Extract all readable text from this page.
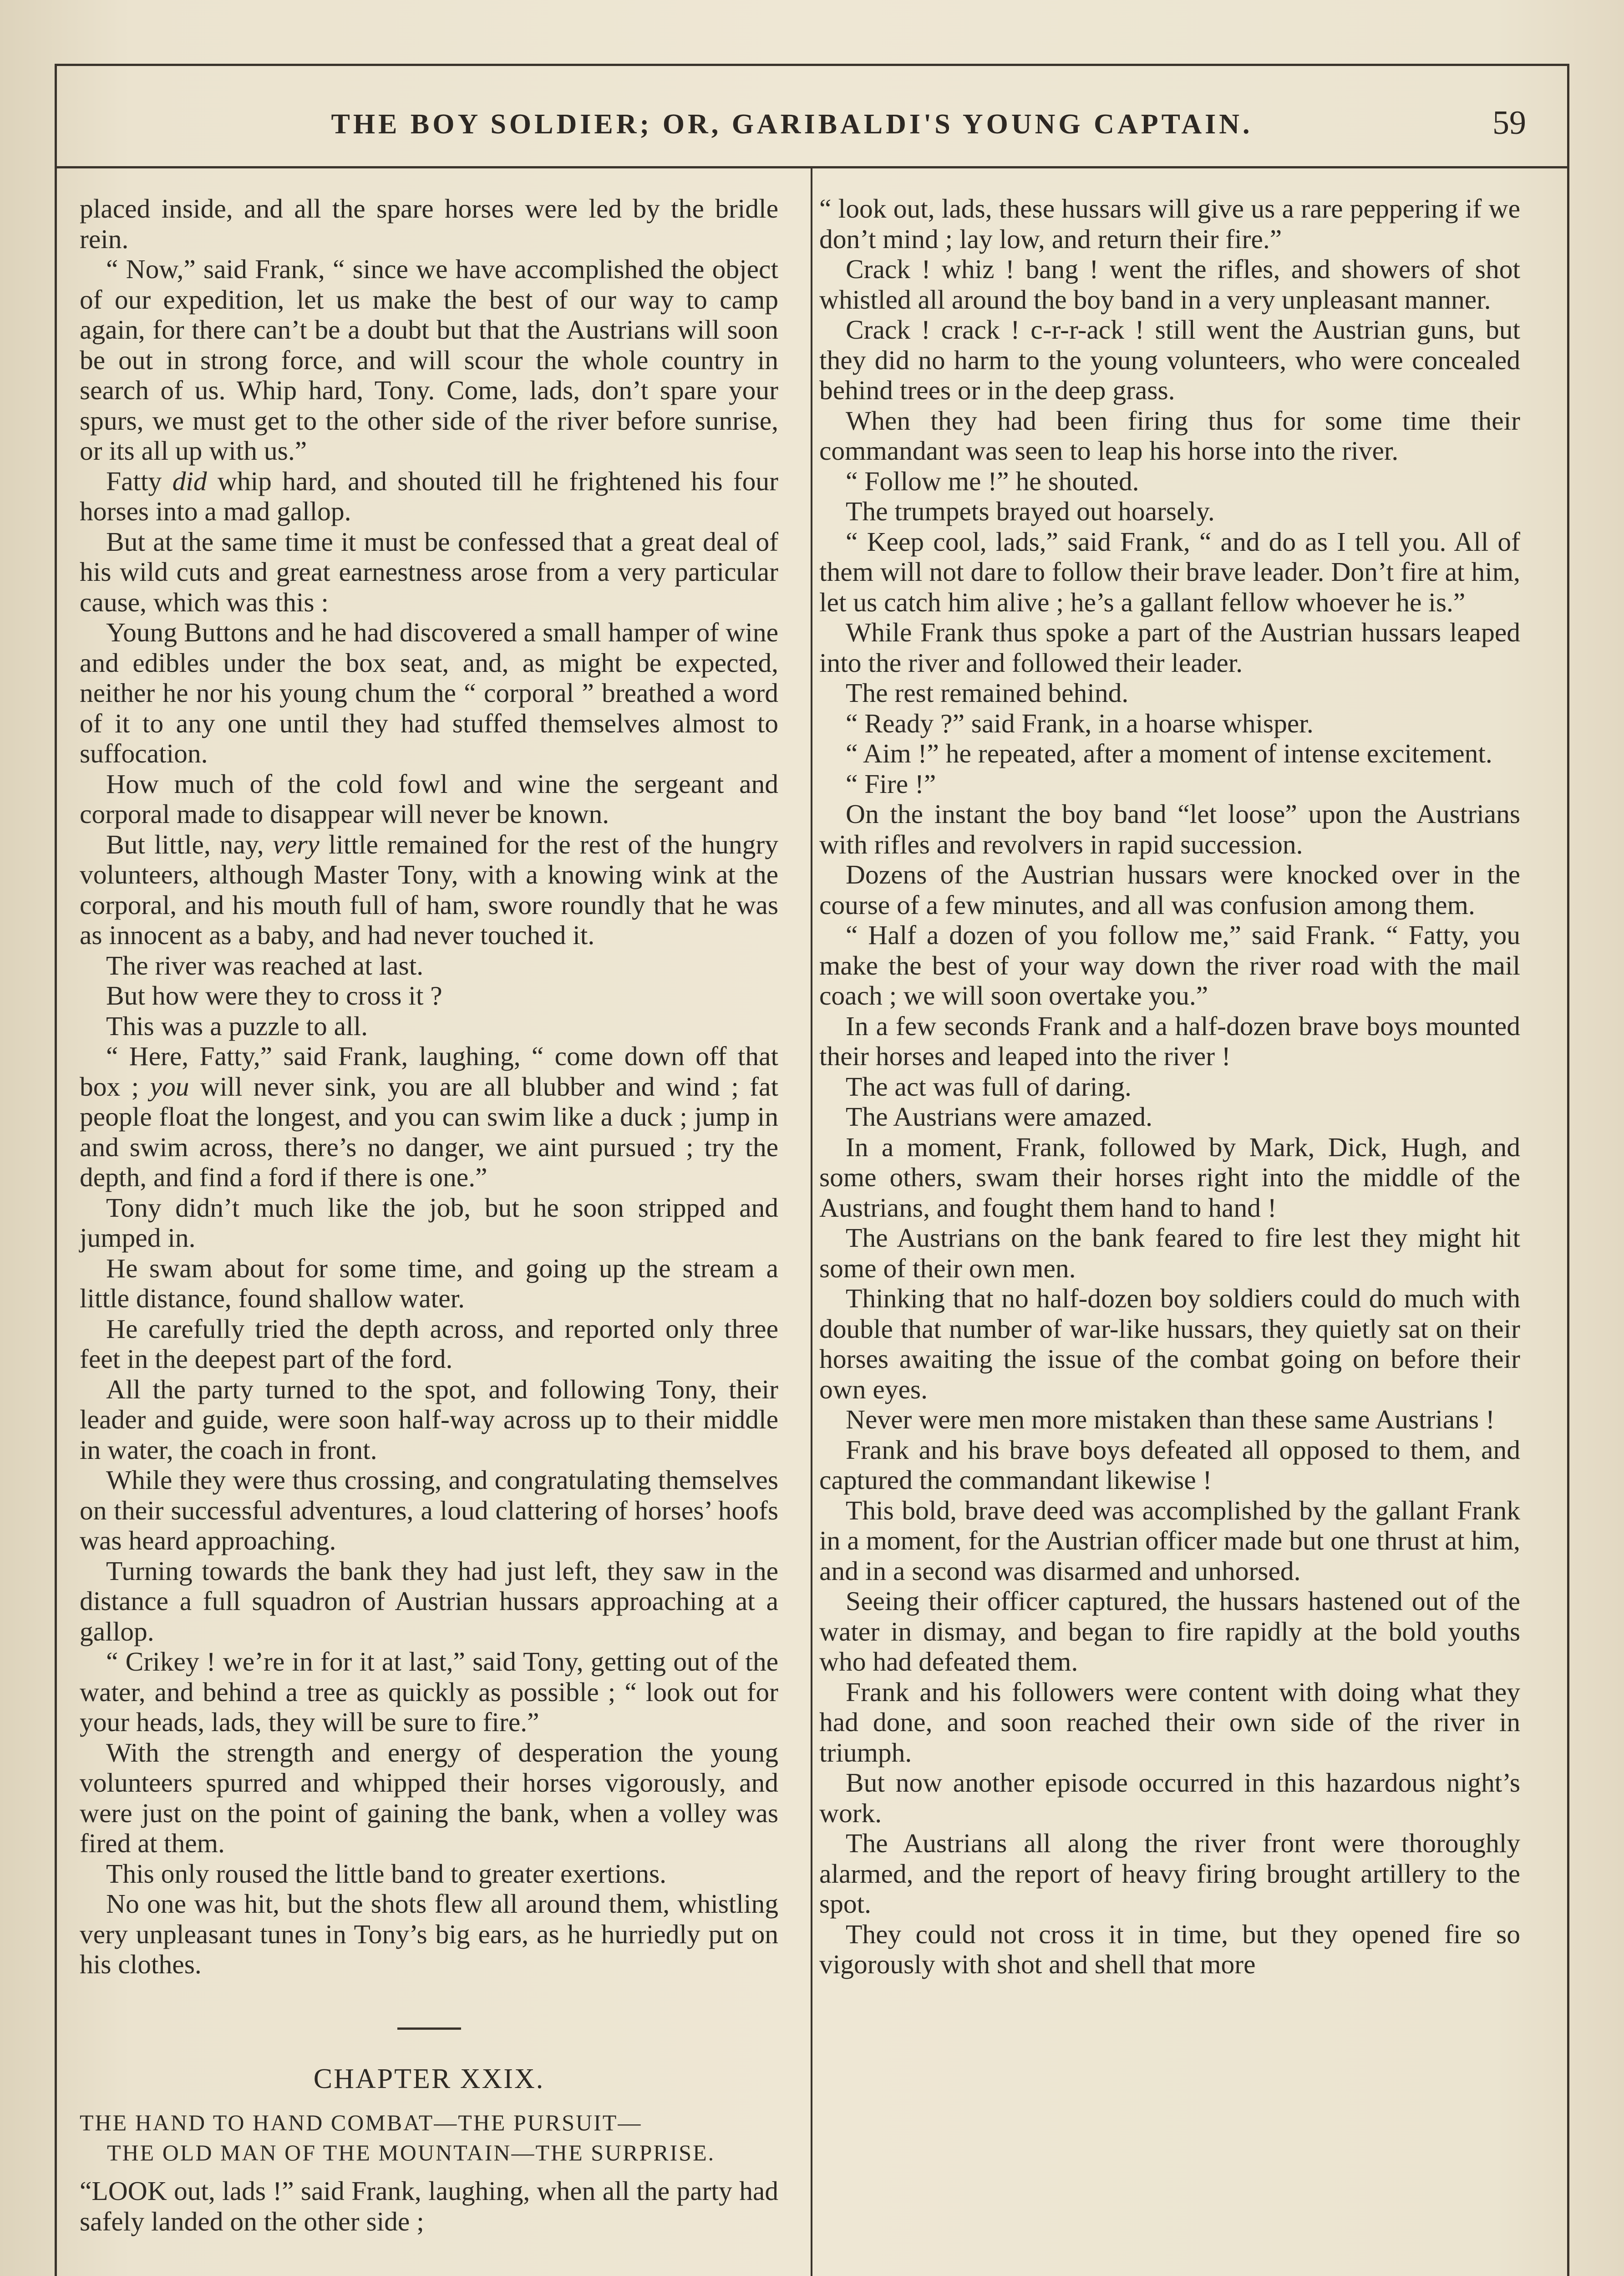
THE BOY SOLDIER; OR, GARIBALDI'S YOUNG CAPTAIN.	59

placed inside, and all the spare horses were led by the bridle rein.

“ Now,” said Frank, “ since we have accomplished the object of our expedition, let us make the best of our way to camp again, for there can’t be a doubt but that the Austrians will soon be out in strong force, and will scour the whole country in search of us. Whip hard, Tony. Come, lads, don’t spare your spurs, we must get to the other side of the river before sunrise, or its all up with us.”

Fatty did whip hard, and shouted till he frightened his four horses into a mad gallop.

But at the same time it must be confessed that a great deal of his wild cuts and great earnestness arose from a very particular cause, which was this :

Young Buttons and he had discovered a small hamper of wine and edibles under the box seat, and, as might be expected, neither he nor his young chum the “ corporal ” breathed a word of it to any one until they had stuffed themselves almost to suffocation.

How much of the cold fowl and wine the sergeant and corporal made to disappear will never be known.

But little, nay, very little remained for the rest of the hungry volunteers, although Master Tony, with a knowing wink at the corporal, and his mouth full of ham, swore roundly that he was as innocent as a baby, and had never touched it.

The river was reached at last.

But how were they to cross it ?

This was a puzzle to all.

“ Here, Fatty,” said Frank, laughing, “ come down off that box ; you will never sink, you are all blubber and wind ; fat people float the longest, and you can swim like a duck ; jump in and swim across, there’s no danger, we aint pursued ; try the depth, and find a ford if there is one.”

Tony didn’t much like the job, but he soon stripped and jumped in.

He swam about for some time, and going up the stream a little distance, found shallow water.

He carefully tried the depth across, and reported only three feet in the deepest part of the ford.

All the party turned to the spot, and following Tony, their leader and guide, were soon half-way across up to their middle in water, the coach in front.

While they were thus crossing, and congratulating themselves on their successful adventures, a loud clattering of horses’ hoofs was heard approaching.

Turning towards the bank they had just left, they saw in the distance a full squadron of Austrian hussars approaching at a gallop.

“ Crikey ! we’re in for it at last,” said Tony, getting out of the water, and behind a tree as quickly as possible ; “ look out for your heads, lads, they will be sure to fire.”

With the strength and energy of desperation the young volunteers spurred and whipped their horses vigorously, and were just on the point of gaining the bank, when a volley was fired at them.

This only roused the little band to greater exertions.

No one was hit, but the shots flew all around them, whistling very unpleasant tunes in Tony’s big ears, as he hurriedly put on his clothes.

CHAPTER XXIX.
THE HAND TO HAND COMBAT—THE PURSUIT—
THE OLD MAN OF THE MOUNTAIN—THE SURPRISE.

“LOOK out, lads !” said Frank, laughing, when all the party had safely landed on the other side ;

“ look out, lads, these hussars will give us a rare peppering if we don’t mind ; lay low, and return their fire.”

Crack ! whiz ! bang ! went the rifles, and showers of shot whistled all around the boy band in a very unpleasant manner.

Crack ! crack ! c-r-r-ack ! still went the Austrian guns, but they did no harm to the young volunteers, who were concealed behind trees or in the deep grass.

When they had been firing thus for some time their commandant was seen to leap his horse into the river.

“ Follow me !” he shouted.

The trumpets brayed out hoarsely.

“ Keep cool, lads,” said Frank, “ and do as I tell you. All of them will not dare to follow their brave leader. Don’t fire at him, let us catch him alive ; he’s a gallant fellow whoever he is.”

While Frank thus spoke a part of the Austrian hussars leaped into the river and followed their leader.

The rest remained behind.

“ Ready ?” said Frank, in a hoarse whisper.

“ Aim !” he repeated, after a moment of intense excitement.

“ Fire !”

On the instant the boy band “let loose” upon the Austrians with rifles and revolvers in rapid succession.

Dozens of the Austrian hussars were knocked over in the course of a few minutes, and all was confusion among them.

“ Half a dozen of you follow me,” said Frank. “ Fatty, you make the best of your way down the river road with the mail coach ; we will soon overtake you.”

In a few seconds Frank and a half-dozen brave boys mounted their horses and leaped into the river !

The act was full of daring.

The Austrians were amazed.

In a moment, Frank, followed by Mark, Dick, Hugh, and some others, swam their horses right into the middle of the Austrians, and fought them hand to hand !

The Austrians on the bank feared to fire lest they might hit some of their own men.

Thinking that no half-dozen boy soldiers could do much with double that number of war-like hussars, they quietly sat on their horses awaiting the issue of the combat going on before their own eyes.

Never were men more mistaken than these same Austrians !

Frank and his brave boys defeated all opposed to them, and captured the commandant likewise !

This bold, brave deed was accomplished by the gallant Frank in a moment, for the Austrian officer made but one thrust at him, and in a second was disarmed and unhorsed.

Seeing their officer captured, the hussars hastened out of the water in dismay, and began to fire rapidly at the bold youths who had defeated them.

Frank and his followers were content with doing what they had done, and soon reached their own side of the river in triumph.

But now another episode occurred in this hazardous night’s work.

The Austrians all along the river front were thoroughly alarmed, and the report of heavy firing brought artillery to the spot.

They could not cross it in time, but they opened fire so vigorously with shot and shell that more
